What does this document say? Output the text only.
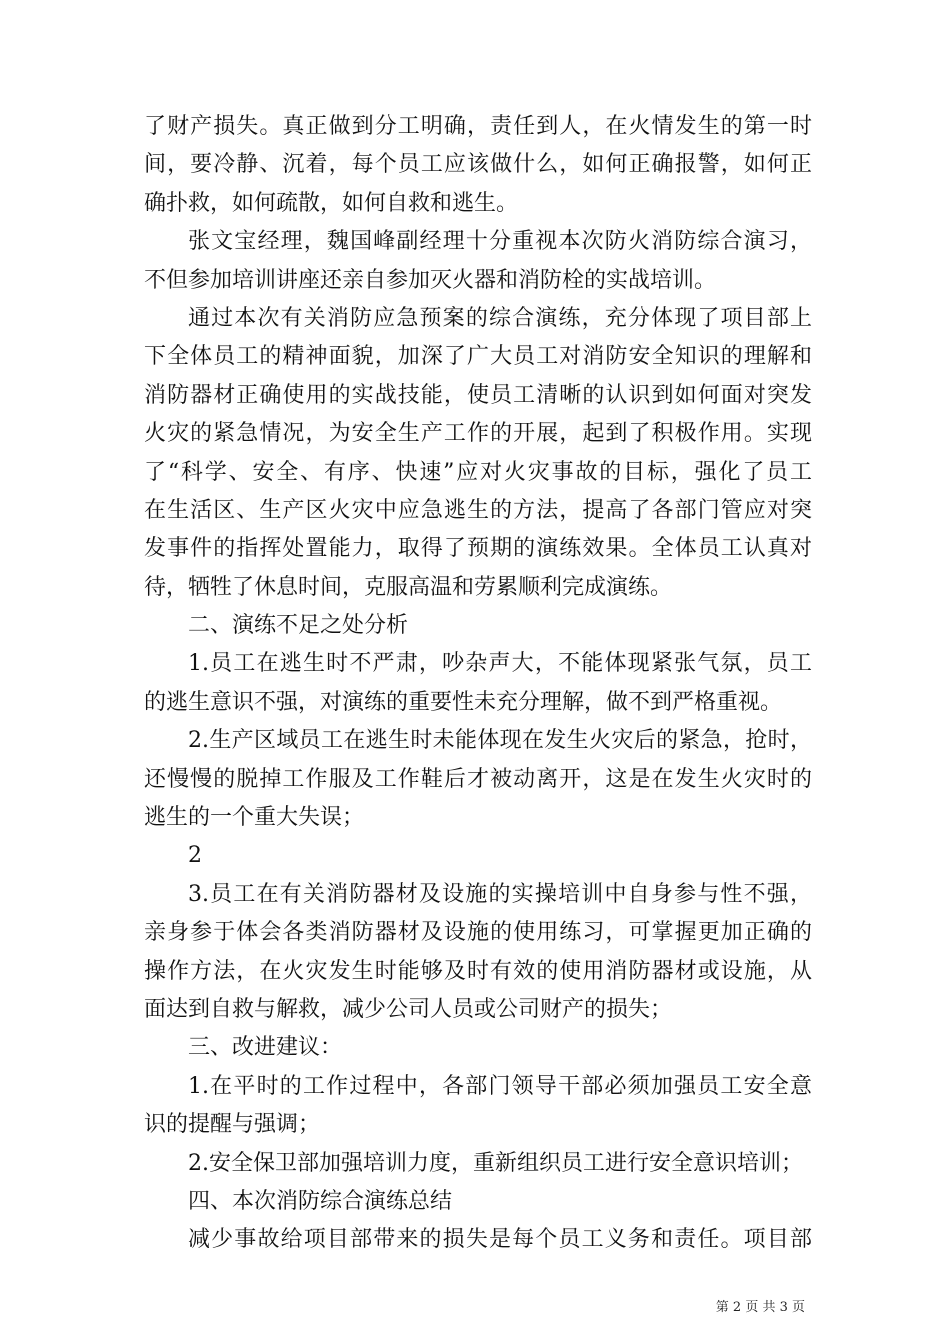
了财产损失。真正做到分工明确，责任到人，在火情发生的第一时
间，要冷静、沉着，每个员工应该做什么，如何正确报警，如何正
确扑救，如何疏散，如何自救和逃生。
张文宝经理，魏国峰副经理十分重视本次防火消防综合演习，
不但参加培训讲座还亲自参加灭火器和消防栓的实战培训。
通过本次有关消防应急预案的综合演练，充分体现了项目部上
下全体员工的精神面貌，加深了广大员工对消防安全知识的理解和
消防器材正确使用的实战技能，使员工清晰的认识到如何面对突发
火灾的紧急情况，为安全生产工作的开展，起到了积极作用。实现
了“科学、安全、有序、快速”应对火灾事故的目标，强化了员工
在生活区、生产区火灾中应急逃生的方法，提高了各部门管应对突
发事件的指挥处置能力，取得了预期的演练效果。全体员工认真对
待，牺牲了休息时间，克服高温和劳累顺利完成演练。
二、演练不足之处分析
1.员工在逃生时不严肃，吵杂声大，不能体现紧张气氛，员工
的逃生意识不强，对演练的重要性未充分理解，做不到严格重视。
2.生产区域员工在逃生时未能体现在发生火灾后的紧急，抢时，
还慢慢的脱掉工作服及工作鞋后才被动离开，这是在发生火灾时的
逃生的一个重大失误；
2
3.员工在有关消防器材及设施的实操培训中自身参与性不强，
亲身参于体会各类消防器材及设施的使用练习，可掌握更加正确的
操作方法，在火灾发生时能够及时有效的使用消防器材或设施，从
面达到自救与解救，减少公司人员或公司财产的损失；
三、改进建议：
1.在平时的工作过程中，各部门领导干部必须加强员工安全意
识的提醒与强调；
2.安全保卫部加强培训力度，重新组织员工进行安全意识培训；
四、本次消防综合演练总结
减少事故给项目部带来的损失是每个员工义务和责任。项目部
第 2 页 共 3 页
